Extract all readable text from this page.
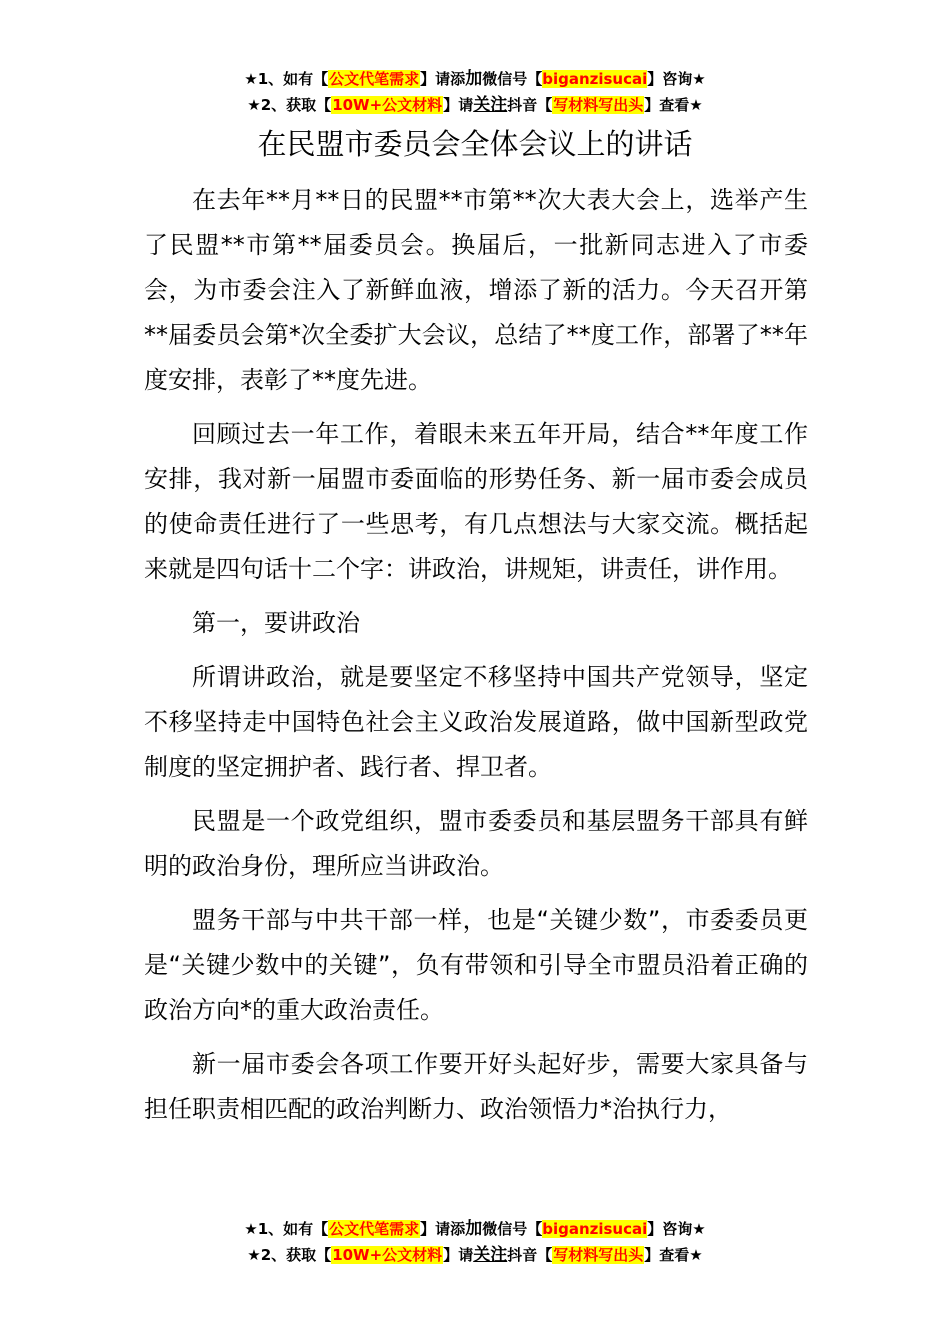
★1、如有【公文代笔需求】请添加微信号【biganzisucai】咨询★
★2、获取【10W+公文材料】请关注抖音【写材料写出头】查看★
在民盟市委员会全体会议上的讲话

在去年**月**日的民盟**市第**次大表大会上，选举产生了民盟**市第**届委员会。换届后，一批新同志进入了市委会，为市委会注入了新鲜血液，增添了新的活力。今天召开第**届委员会第*次全委扩大会议，总结了**度工作，部署了**年度安排，表彰了**度先进。

回顾过去一年工作，着眼未来五年开局，结合**年度工作安排，我对新一届盟市委面临的形势任务、新一届市委会成员的使命责任进行了一些思考，有几点想法与大家交流。概括起来就是四句话十二个字：讲政治，讲规矩，讲责任，讲作用。

第一，要讲政治

所谓讲政治，就是要坚定不移坚持中国共产党领导，坚定不移坚持走中国特色社会主义政治发展道路，做中国新型政党制度的坚定拥护者、践行者、捍卫者。

民盟是一个政党组织，盟市委委员和基层盟务干部具有鲜明的政治身份，理所应当讲政治。

盟务干部与中共干部一样，也是“关键少数”，市委委员更是“关键少数中的关键”，负有带领和引导全市盟员沿着正确的政治方向*的重大政治责任。

新一届市委会各项工作要开好头起好步，需要大家具备与担任职责相匹配的政治判断力、政治领悟力*治执行力，

★1、如有【公文代笔需求】请添加微信号【biganzisucai】咨询★
★2、获取【10W+公文材料】请关注抖音【写材料写出头】查看★
